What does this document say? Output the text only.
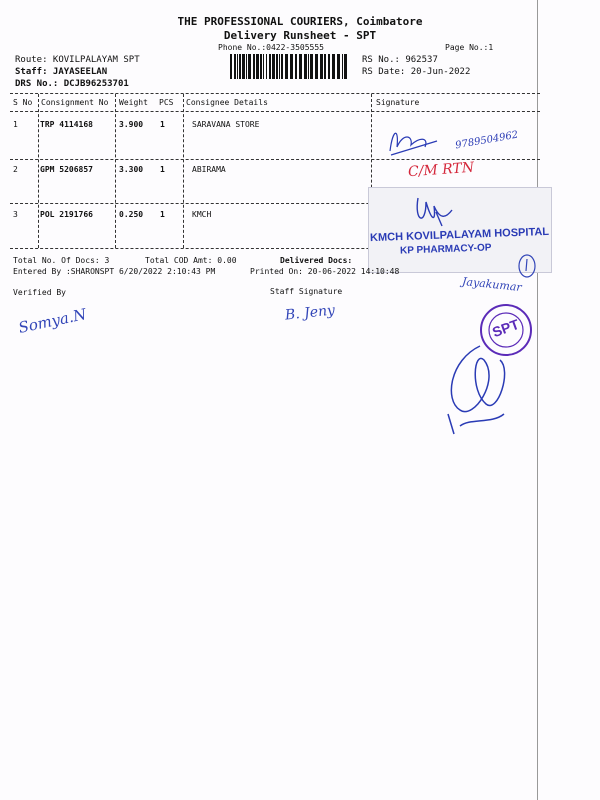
THE PROFESSIONAL COURIERS, Coimbatore
Delivery Runsheet - SPT
Phone No.:0422-3505555	Page No.:1
Route: KOVILPALAYAM SPT
Staff: JAYASEELAN
DRS No.: DCJB96253701
RS No.: 962537
RS Date: 20-Jun-2022
S No Consignment No Weight PCS Consignee Details	Signature
1	TRP 4114168	3.900 1	SARAVANA STORE
2	GPM 5206857	3.300 1	ABIRAMA
3	POL 2191766	0.250 1	KMCH
9789504962
C/M RTN
KMCH KOVILPALAYAM HOSPITAL
KP PHARMACY-OP
Total No. Of Docs: 3	Total COD Amt: 0.00	Delivered Docs:
Entered By :SHARONSPT 6/20/2022 2:10:43 PM	Printed On: 20-06-2022 14:10:48
Verified By	Staff Signature
Somya.N	B. Jeny
Jayakumar
SPT
